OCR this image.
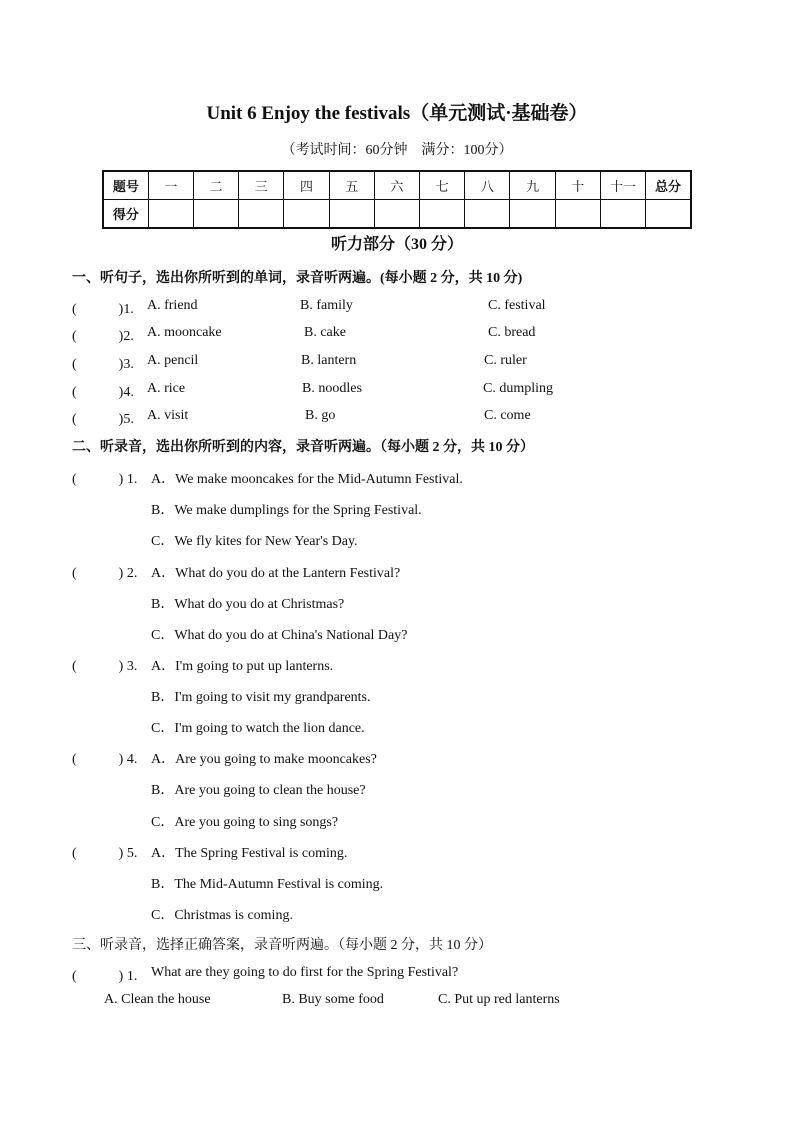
Unit 6 Enjoy the festivals（单元测试·基础卷）
（考试时间：60分钟　满分：100分）
题号	一	二	三	四	五	六	七	八	九	十	十一	总分
得分												
听力部分（30 分）
一、听句子，选出你所听到的单词，录音听两遍。(每小题 2 分，共 10 分)
(　　　)1. A. friend	B. family	C. festival
(　　　)2. A. mooncake	B. cake	C. bread
(　　　)3. A. pencil	B. lantern	C. ruler
(　　　)4. A. rice	B. noodles	C. dumpling
(　　　)5. A. visit	B. go	C. come
二、听录音，选出你所听到的内容，录音听两遍。（每小题 2 分，共 10 分）
(　　　) 1. A．We make mooncakes for the Mid-Autumn Festival.
B．We make dumplings for the Spring Festival.
C．We fly kites for New Year's Day.
(　　　) 2. A．What do you do at the Lantern Festival?
B．What do you do at Christmas?
C．What do you do at China's National Day?
(　　　) 3. A．I'm going to put up lanterns.
B．I'm going to visit my grandparents.
C．I'm going to watch the lion dance.
(　　　) 4. A．Are you going to make mooncakes?
B．Are you going to clean the house?
C．Are you going to sing songs?
(　　　) 5. A．The Spring Festival is coming.
B．The Mid-Autumn Festival is coming.
C．Christmas is coming.
三、听录音，选择正确答案，录音听两遍。（每小题 2 分，共 10 分）
(　　　) 1. What are they going to do first for the Spring Festival?
A. Clean the house	B. Buy some food	C. Put up red lanterns
